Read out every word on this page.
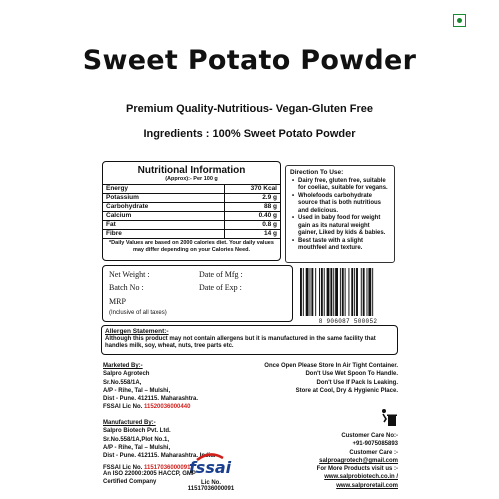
Sweet Potato Powder
Premium Quality-Nutritious- Vegan-Gluten Free
Ingredients : 100% Sweet Potato Powder
Nutritional Information
(Approx):- Per 100 g
Energy	370 Kcal
Potassium	2.9 g
Carbohydrate	88 g
Calcium	0.40 g
Fat	0.8 g
Fibre	14 g
*Daily Values are based on 2000 calories diet. Your daily values may differ depending on your Calories Need.
Direction To Use:
• Dairy free, gluten free, suitable for coeliac, suitable for vegans.
• Wholefoods carbohydrate source that is both nutritious and delicious.
• Used in baby food for weight gain as its natural weight gainer, Liked by kids & babies.
• Best taste with a slight mouthfeel and texture.
Net Weight :	Date of Mfg :
Batch No :	Date of Exp :
MRP
(Inclusive of all taxes)
8 906087 500052
Allergen Statement:-
Although this product may not contain allergens but it is manufactured in the same facility that handles milk, soy, wheat, nuts, tree parts etc.
Marketed By:-
Salpro Agrotech
Sr.No.558/1A,
A/P - Rihe, Tal – Mulshi,
Dist - Pune. 412115. Maharashtra.
FSSAI Lic No. 11520036000440
Once Open Please Store In Air Tight Container.
Don't Use Wet Spoon To Handle.
Don't Use If Pack Is Leaking.
Store at Cool, Dry & Hygienic Place.
Manufactured By:-
Salpro Biotech Pvt. Ltd.
Sr.No.558/1A,Plot No.1,
A/P - Rihe, Tal – Mulshi,
Dist - Pune. 412115. Maharashtra. India.
FSSAI Lic No. 11517036000091
fssai
Lic No. 11517036000091
An ISO 22000:2005 HACCP, GMP
Certified Company
Customer Care No:-
+91-9075085893
Customer Care :-
salproagrotech@gmail.com
For More Products visit us :-
www.salprobiotech.co.in /
www.salproretail.com
